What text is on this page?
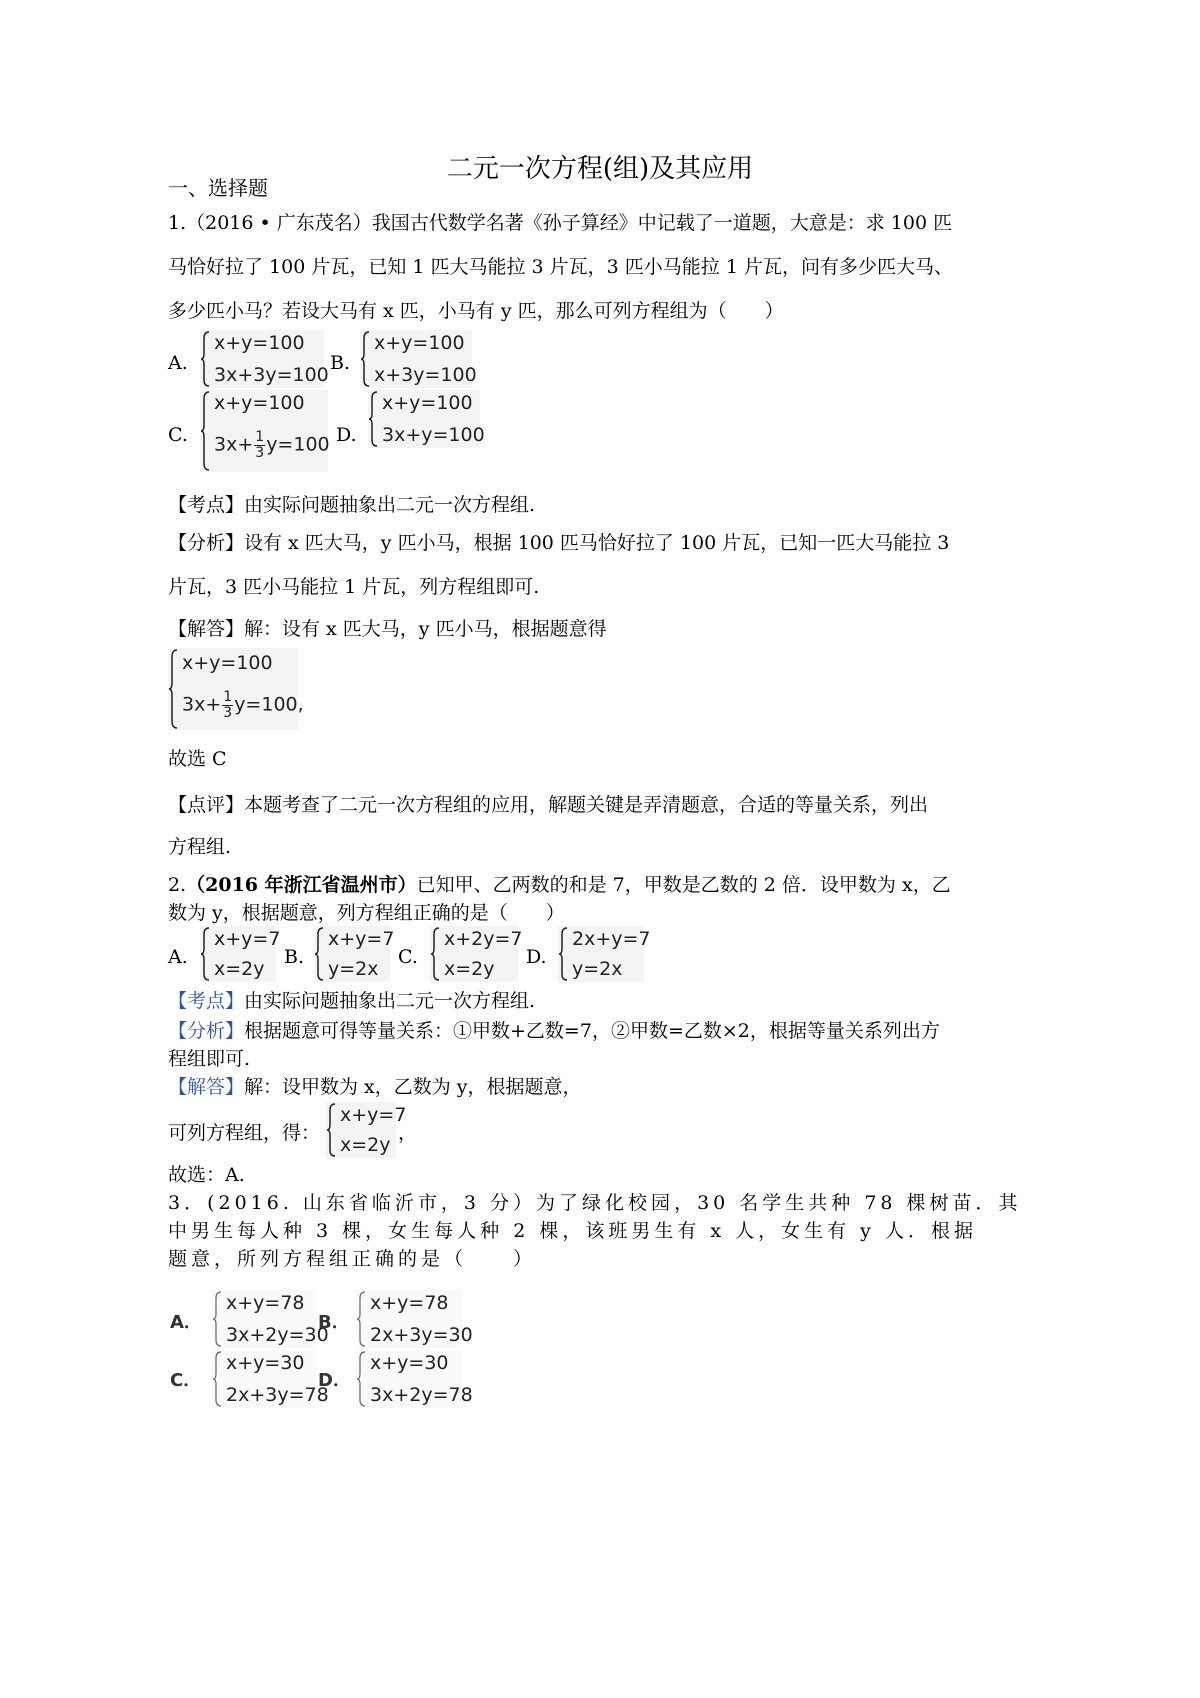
二元一次方程(组)及其应用
一、选择题
1.（2016 • 广东茂名）我国古代数学名著《孙子算经》中记载了一道题，大意是：求 100 匹
马恰好拉了 100 片瓦，已知 1 匹大马能拉 3 片瓦，3 匹小马能拉 1 片瓦，问有多少匹大马、
多少匹小马？若设大马有 x 匹，小马有 y 匹，那么可列方程组为（　　）
A.
x+y=100
3x+3y=100
B.
x+y=100
x+3y=100
C.
x+y=100
$3x+ \frac{1}{3} y=100$ D.
x+y=100
3x+y=100
【考点】由实际问题抽象出二元一次方程组.
【分析】设有 x 匹大马，y 匹小马，根据 100 匹马恰好拉了 100 片瓦，已知一匹大马能拉 3
片瓦，3 匹小马能拉 1 片瓦，列方程组即可.
【解答】解：设有 x 匹大马，y 匹小马，根据题意得
x+y=100
$3x+ \frac{1}{3} y=100$,
故选 C
【点评】本题考查了二元一次方程组的应用，解题关键是弄清题意，合适的等量关系，列出
方程组.
2.（2016 年浙江省温州市）已知甲、乙两数的和是 7，甲数是乙数的 2 倍．设甲数为 x，乙
数为 y，根据题意，列方程组正确的是（　　）
A.
x+y=7
x=2y
B.
x+y=7
y=2x
C.
x+2y=7
x=2y
D.
2x+y=7
y=2x
【考点】由实际问题抽象出二元一次方程组.
【分析】根据题意可得等量关系：①甲数+乙数=7，②甲数=乙数×2，根据等量关系列出方
程组即可.
【解答】解：设甲数为 x，乙数为 y，根据题意，
可列方程组，得：
x+y=7
x=2y
，
故选：A.
3．(2016. 山东省临沂市，3 分）为了绿化校园，30 名学生共种 78 棵树苗．其
中男生每人种 3 棵，女生每人种 2 棵，该班男生有 x 人，女生有 y 人．根据
题意，所列方程组正确的是（　　）
A．
x+y=78
3x+2y=30
B．
x+y=78
2x+3y=30
C．
x+y=30
2x+3y=78
D．
x+y=30
3x+2y=78
